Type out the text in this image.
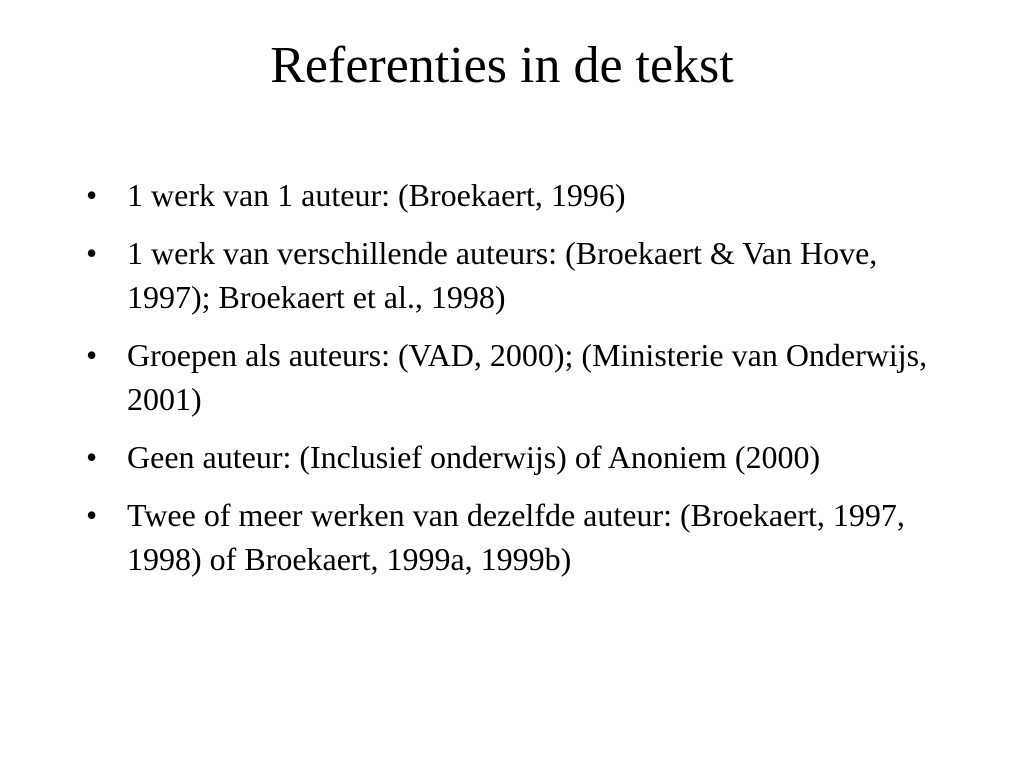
Referenties in de tekst
• 1 werk van 1 auteur: (Broekaert, 1996)
• 1 werk van verschillende auteurs: (Broekaert & Van Hove, 1997); Broekaert et al., 1998)
• Groepen als auteurs: (VAD, 2000); (Ministerie van Onderwijs, 2001)
• Geen auteur: (Inclusief onderwijs) of Anoniem (2000)
• Twee of meer werken van dezelfde auteur: (Broekaert, 1997, 1998) of Broekaert, 1999a, 1999b)
